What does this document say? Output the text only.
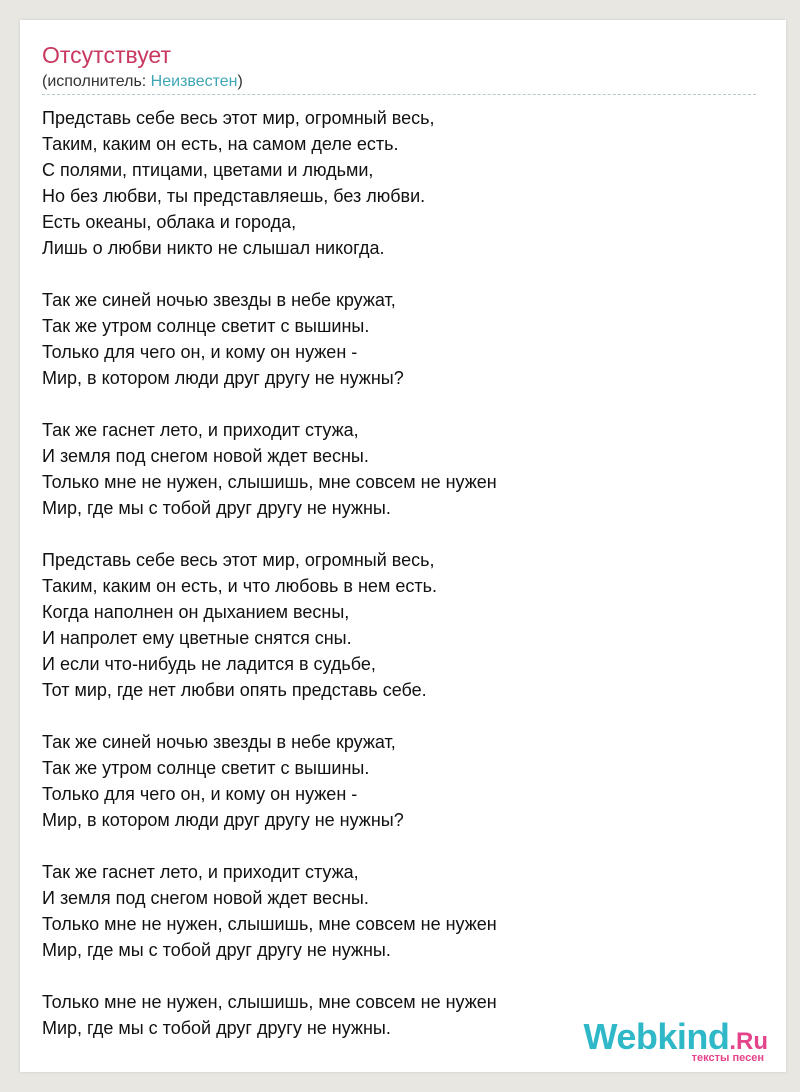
Отсутствует
(исполнитель: Неизвестен)
Представь себе весь этот мир, огромный весь,
Таким, каким он есть, на самом деле есть.
С полями, птицами, цветами и людьми,
Но без любви, ты представляешь, без любви.
Есть океаны, облака и города,
Лишь о любви никто не слышал никогда.
Так же синей ночью звезды в небе кружат,
Так же утром солнце светит с вышины.
Только для чего он, и кому он нужен -
Мир, в котором люди друг другу не нужны?
Так же гаснет лето, и приходит стужа,
И земля под снегом новой ждет весны.
Только мне не нужен, слышишь, мне совсем не нужен
Мир, где мы с тобой друг другу не нужны.
Представь себе весь этот мир, огромный весь,
Таким, каким он есть, и что любовь в нем есть.
Когда наполнен он дыханием весны,
И напролет ему цветные снятся сны.
И если что-нибудь не ладится в судьбе,
Тот мир, где нет любви опять представь себе.
Так же синей ночью звезды в небе кружат,
Так же утром солнце светит с вышины.
Только для чего он, и кому он нужен -
Мир, в котором люди друг другу не нужны?
Так же гаснет лето, и приходит стужа,
И земля под снегом новой ждет весны.
Только мне не нужен, слышишь, мне совсем не нужен
Мир, где мы с тобой друг другу не нужны.
Только мне не нужен, слышишь, мне совсем не нужен
Мир, где мы с тобой друг другу не нужны.	Webkind.Ru
тексты песен
